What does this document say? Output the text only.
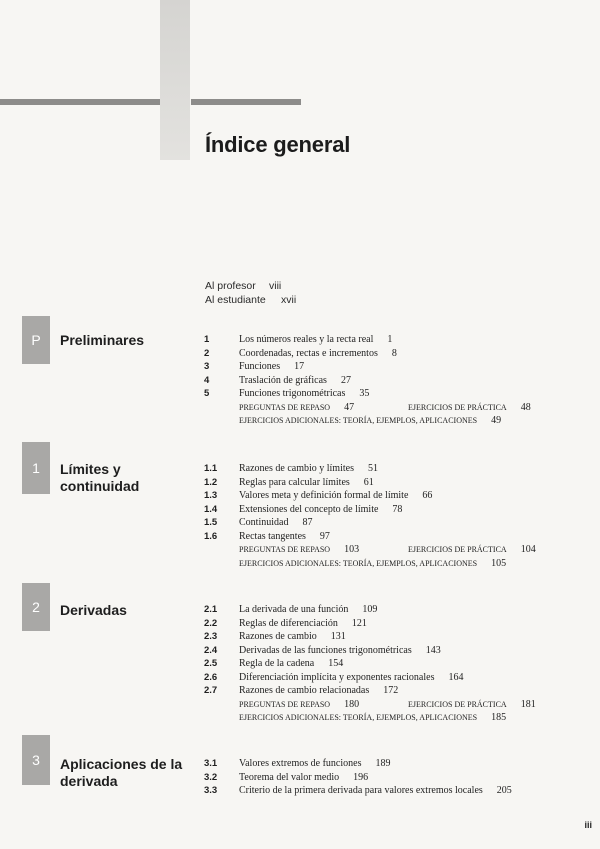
Índice general
Al profesor	viii
Al estudiante	xvii
P	Preliminares	1	Los números reales y la recta real 1
2	Coordenadas, rectas e incrementos 8
3	Funciones 17
4	Traslación de gráficas 27
5	Funciones trigonométricas 35
PREGUNTAS DE REPASO 47	EJERCICIOS DE PRÁCTICA 48
EJERCICIOS ADICIONALES: TEORÍA, EJEMPLOS, APLICACIONES 49
1	Límites y continuidad
1.1	Razones de cambio y límites 51
1.2	Reglas para calcular límites 61
1.3	Valores meta y definición formal de límite 66
1.4	Extensiones del concepto de límite 78
1.5	Continuidad 87
1.6	Rectas tangentes 97
PREGUNTAS DE REPASO 103	EJERCICIOS DE PRÁCTICA 104
EJERCICIOS ADICIONALES: TEORÍA, EJEMPLOS, APLICACIONES 105
2	Derivadas	2.1	La derivada de una función 109
2.2	Reglas de diferenciación 121
2.3	Razones de cambio 131
2.4	Derivadas de las funciones trigonométricas 143
2.5	Regla de la cadena 154
2.6	Diferenciación implícita y exponentes racionales 164
2.7	Razones de cambio relacionadas 172
PREGUNTAS DE REPASO 180	EJERCICIOS DE PRÁCTICA 181
EJERCICIOS ADICIONALES: TEORÍA, EJEMPLOS, APLICACIONES 185
3	Aplicaciones de la derivada
3.1	Valores extremos de funciones 189
3.2	Teorema del valor medio 196
3.3	Criterio de la primera derivada para valores extremos locales 205
iii
